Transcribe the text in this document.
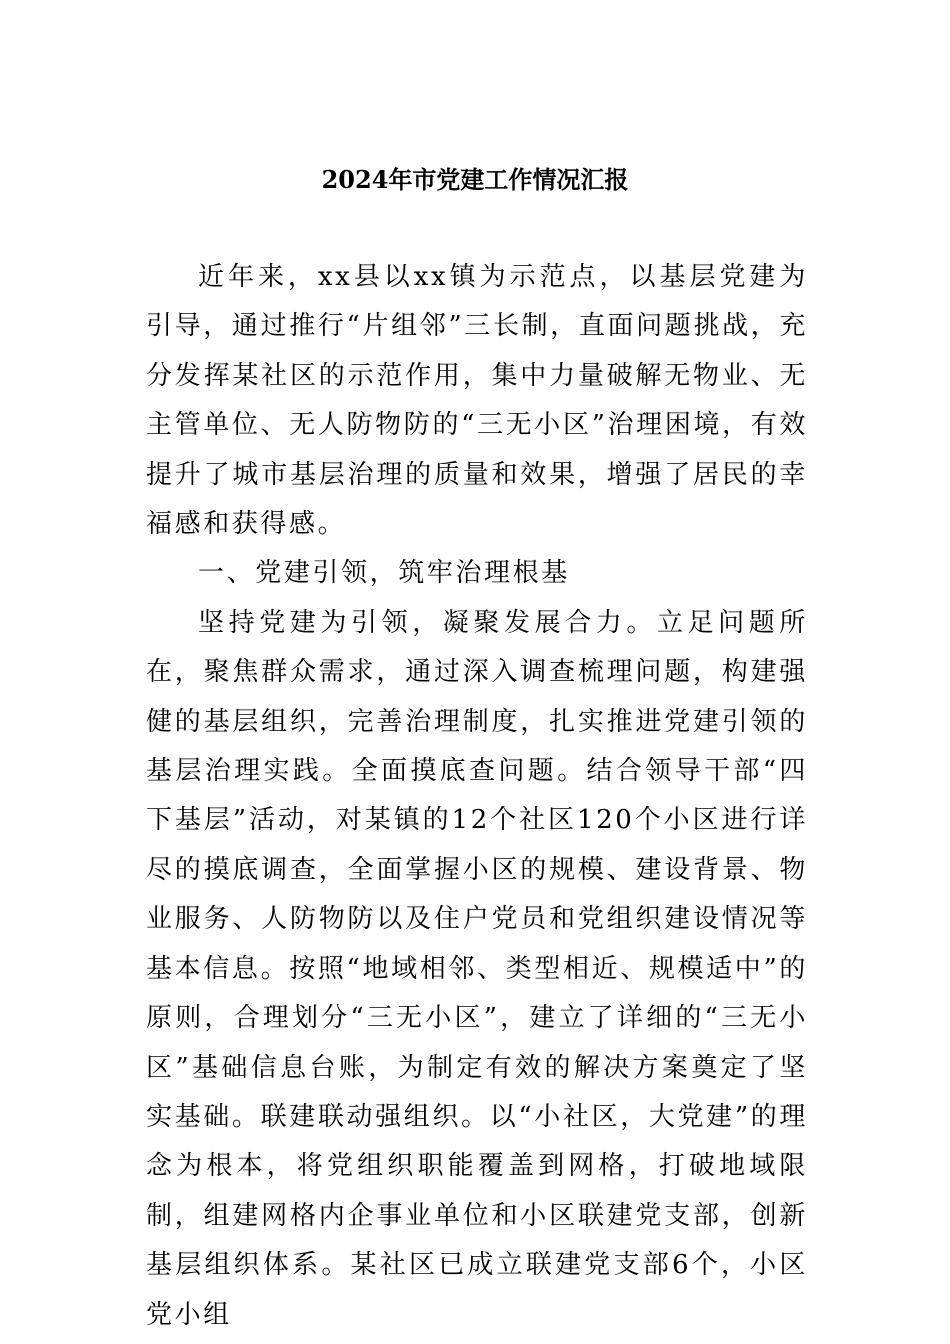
2024年市党建工作情况汇报

近年来，xx县以xx镇为示范点，以基层党建为引导，通过推行“片组邻”三长制，直面问题挑战，充分发挥某社区的示范作用，集中力量破解无物业、无主管单位、无人防物防的“三无小区”治理困境，有效提升了城市基层治理的质量和效果，增强了居民的幸福感和获得感。

一、党建引领，筑牢治理根基

坚持党建为引领，凝聚发展合力。立足问题所在，聚焦群众需求，通过深入调查梳理问题，构建强健的基层组织，完善治理制度，扎实推进党建引领的基层治理实践。全面摸底查问题。结合领导干部“四下基层”活动，对某镇的12个社区120个小区进行详尽的摸底调查，全面掌握小区的规模、建设背景、物业服务、人防物防以及住户党员和党组织建设情况等基本信息。按照“地域相邻、类型相近、规模适中”的原则，合理划分“三无小区”，建立了详细的“三无小区”基础信息台账，为制定有效的解决方案奠定了坚实基础。联建联动强组织。以“小社区，大党建”的理念为根本，将党组织职能覆盖到网格，打破地域限制，组建网格内企事业单位和小区联建党支部，创新基层组织体系。某社区已成立联建党支部6个，小区党小组
